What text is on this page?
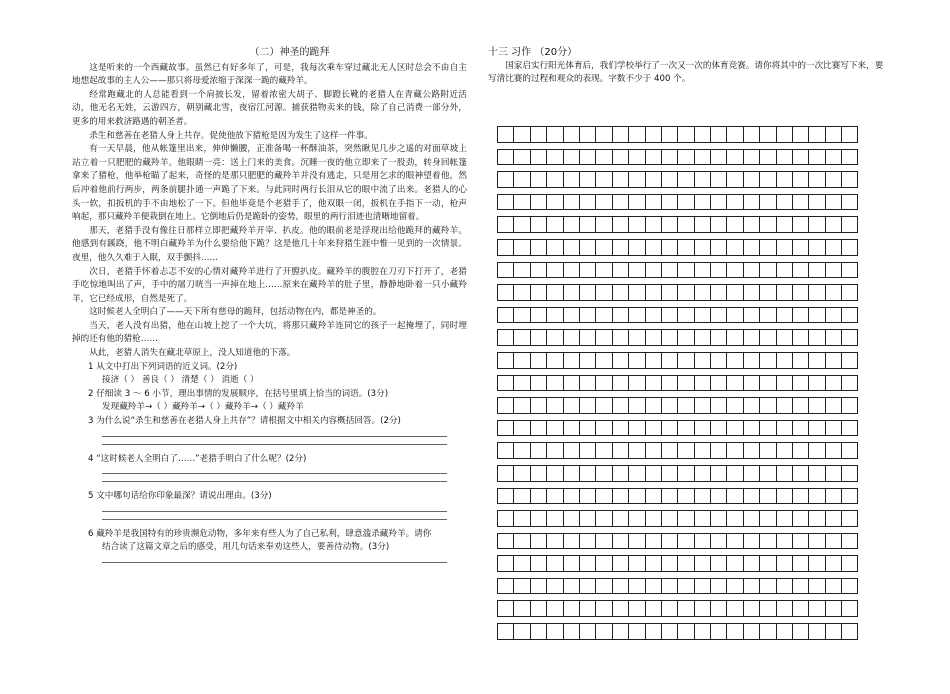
（二）神圣的跪拜

这是听来的一个西藏故事。虽然已有好多年了，可是，我每次乘车穿过藏北无人区时总会不由自主地想起故事的主人公——那只将母爱浓缩于深深一跪的藏羚羊。

经常跑藏北的人总能看到一个肩披长发，留着浓密大胡子、脚蹬长靴的老猎人在青藏公路附近活动，他无名无姓，云游四方，朝别藏北雪，夜宿江河源。捕获猎物卖来的钱，除了自己消费一部分外，更多的用来救济路遇的朝圣者。

杀生和慈善在老猎人身上共存。促使他放下猎枪是因为发生了这样一件事。

有一天早晨，他从帐篷里出来，伸伸懒腰，正准备喝一杯酥油茶，突然瞅见几步之遥的对面草坡上站立着一只肥肥的藏羚羊。他眼睛一亮：送上门来的美食。沉睡一夜的他立即来了一股劲，转身回帐篷拿来了猎枪，他举枪瞄了起来，奇怪的是那只肥肥的藏羚羊并没有逃走，只是用乞求的眼神望着他，然后冲着他前行两步，两条前腿扑通一声跪了下来。与此同时两行长泪从它的眼中流了出来。老猎人的心头一软，扣扳机的手不由地松了一下。但他毕竟是个老猎手了，他双眼一闭，扳机在手指下一动，枪声响起，那只藏羚羊便栽倒在地上。它倒地后仍是跪卧的姿势，眼里的两行泪迹也清晰地留着。

那天，老猎手没有像往日那样立即把藏羚羊开宰、扒皮。他的眼前老是浮现出给他跪拜的藏羚羊。他感到有蹊跷，他不明白藏羚羊为什么要给他下跪？这是他几十年来狩猎生涯中惟一见到的一次情景。夜里，他久久难于入眠，双手颤抖……

次日，老猎手怀着忐忑不安的心情对藏羚羊进行了开膛扒皮。藏羚羊的腹腔在刀刃下打开了，老猎手吃惊地叫出了声，手中的屠刀咣当一声掉在地上……原来在藏羚羊的肚子里，静静地卧着一只小藏羚羊，它已经成形，自然是死了。

这时候老人全明白了——天下所有慈母的跪拜，包括动物在内，都是神圣的。

当天，老人没有出猎，他在山坡上挖了一个大坑，将那只藏羚羊连同它的孩子一起掩埋了，同时埋掉的还有他的猎枪……

从此，老猎人消失在藏北草原上，没人知道他的下落。

1 从文中打出下列词语的近义词。(2分)

接济（ ） 善良（ ） 清楚（ ） 消逝（ ）

2 仔细读 3 ～ 6 小节，理出事情的发展顺序，在括号里填上恰当的词语。(3分)

发现藏羚羊→（ ）藏羚羊→（ ）藏羚羊→（ ）藏羚羊

3 为什么说“杀生和慈善在老猎人身上共存”？请根据文中相关内容概括回答。(2分)

4 “这时候老人全明白了……”老猎手明白了什么呢？(2分)

5 文中哪句话给你印象最深？请说出理由。(3分)

6 藏羚羊是我国特有的珍贵濒危动物，多年来有些人为了自己私利，肆意滥杀藏羚羊。请你

结合读了这篇文章之后的感受，用几句话来奉劝这些人，要善待动物。(3分)

十三 习作 （20分）

国家启实行阳光体育后，我们学校举行了一次又一次的体育竞赛。请你将其中的一次比赛写下来，要写清比赛的过程和观众的表现。字数不少于 400 个。
